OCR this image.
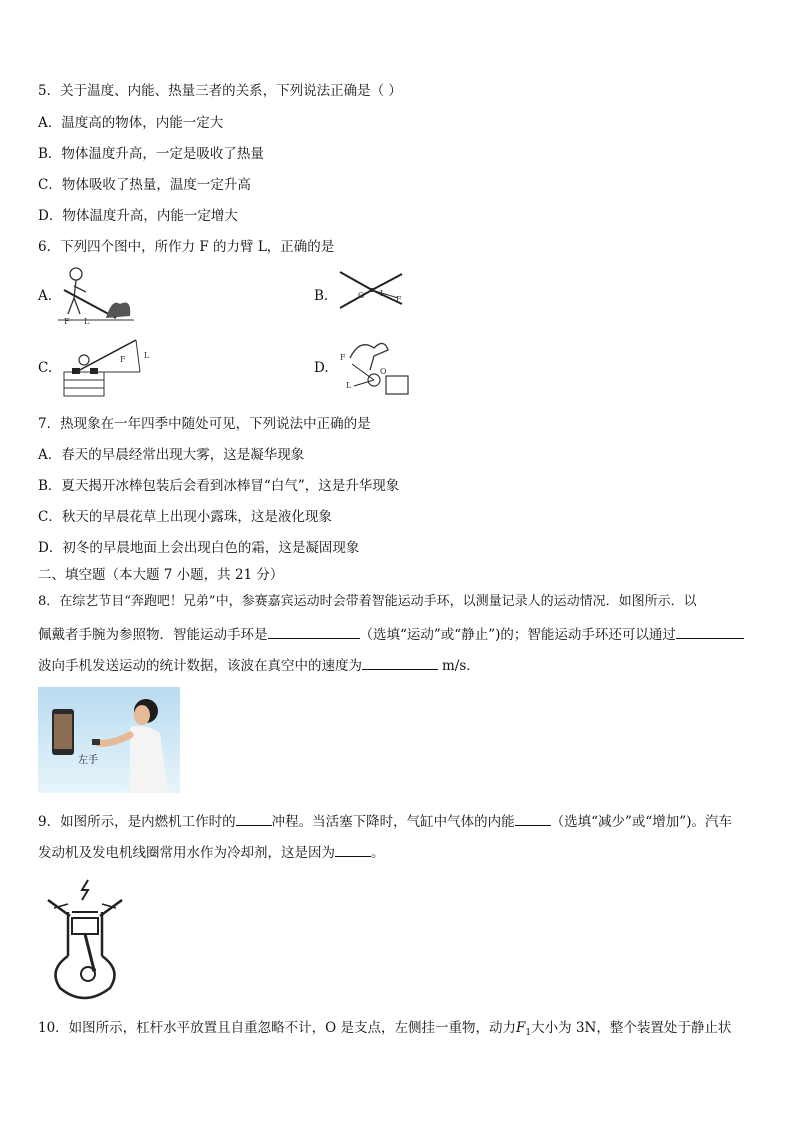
5．关于温度、内能、热量三者的关系，下列说法正确是（ ）
A．温度高的物体，内能一定大
B．物体温度升高，一定是吸收了热量
C．物体吸收了热量，温度一定升高
D．物体温度升高，内能一定增大
6．下列四个图中，所作力 F 的力臂 L，正确的是
A.
F L
B.	O L
F
C.
L
F
D.
F
L
O
7．热现象在一年四季中随处可见，下列说法中正确的是
A．春天的早晨经常出现大雾，这是凝华现象
B．夏天揭开冰棒包装后会看到冰棒冒“白气”，这是升华现象
C．秋天的早晨花草上出现小露珠，这是液化现象
D．初冬的早晨地面上会出现白色的霜，这是凝固现象
二、填空题（本大题 7 小题，共 21 分）
8．在综艺节目“奔跑吧！兄弟”中，参赛嘉宾运动时会带着智能运动手环，以测量记录人的运动情况．如图所示．以
佩戴者手腕为参照物．智能运动手环是	（选填“运动”或“静止”)的；智能运动手环还可以通过
波向手机发送运动的统计数据，该波在真空中的速度为	m/s．
左手
9．如图所示，是内燃机工作时的	冲程。当活塞下降时，气缸中气体的内能	（选填“减少”或“增加”)。汽车
发动机及发电机线圈常用水作为冷却剂，这是因为	。
10．如图所示，杠杆水平放置且自重忽略不计，O 是支点，左侧挂一重物，动力$F_1$大小为 3N，整个装置处于静止状
